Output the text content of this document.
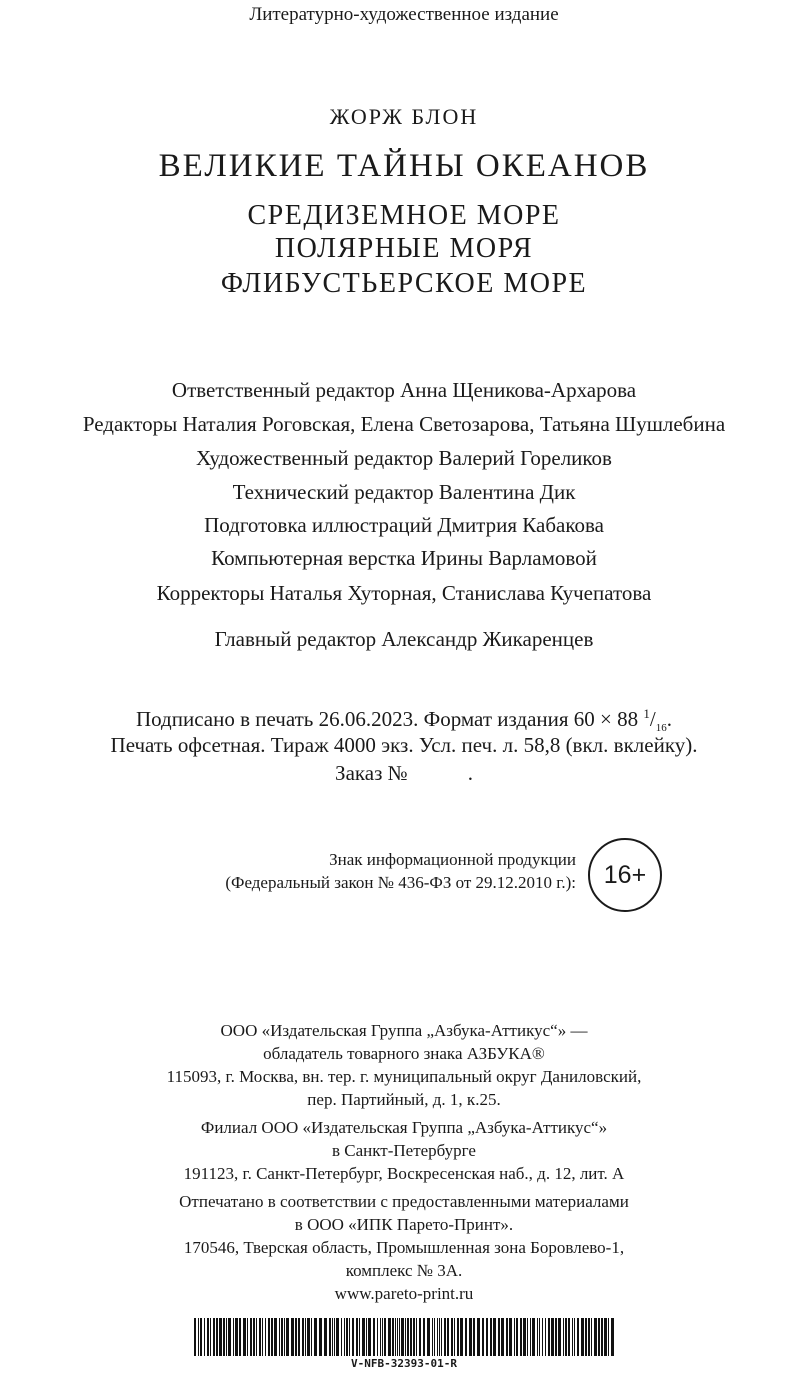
Литературно-художественное издание
ЖОРЖ БЛОН
ВЕЛИКИЕ ТАЙНЫ ОКЕАНОВ
СРЕДИЗЕМНОЕ МОРЕ
ПОЛЯРНЫЕ МОРЯ
ФЛИБУСТЬЕРСКОЕ МОРЕ
Ответственный редактор Анна Щеникова-Архарова
Редакторы Наталия Роговская, Елена Светозарова, Татьяна Шушлебина
Художественный редактор Валерий Гореликов
Технический редактор Валентина Дик
Подготовка иллюстраций Дмитрия Кабакова
Компьютерная верстка Ирины Варламовой
Корректоры Наталья Хуторная, Станислава Кучепатова
Главный редактор Александр Жикаренцев
Подписано в печать 26.06.2023. Формат издания 60 × 88 $^1/_{16}$.
Печать офсетная. Тираж 4000 экз. Усл. печ. л. 58,8 (вкл. вклейку).
Заказ №	.
Знак информационной продукции
(Федеральный закон № 436-ФЗ от 29.12.2010 г.):	16+
ООО «Издательская Группа „Азбука-Аттикус“» —
обладатель товарного знака АЗБУКА®
115093, г. Москва, вн. тер. г. муниципальный округ Даниловский,
пер. Партийный, д. 1, к.25.
Филиал ООО «Издательская Группа „Азбука-Аттикус“»
в Санкт-Петербурге
191123, г. Санкт-Петербург, Воскресенская наб., д. 12, лит. А
Отпечатано в соответствии с предоставленными материалами
в ООО «ИПК Парето-Принт».
170546, Тверская область, Промышленная зона Боровлево-1,
комплекс № 3А.
www.pareto-print.ru
V-NFB-32393-01-R
